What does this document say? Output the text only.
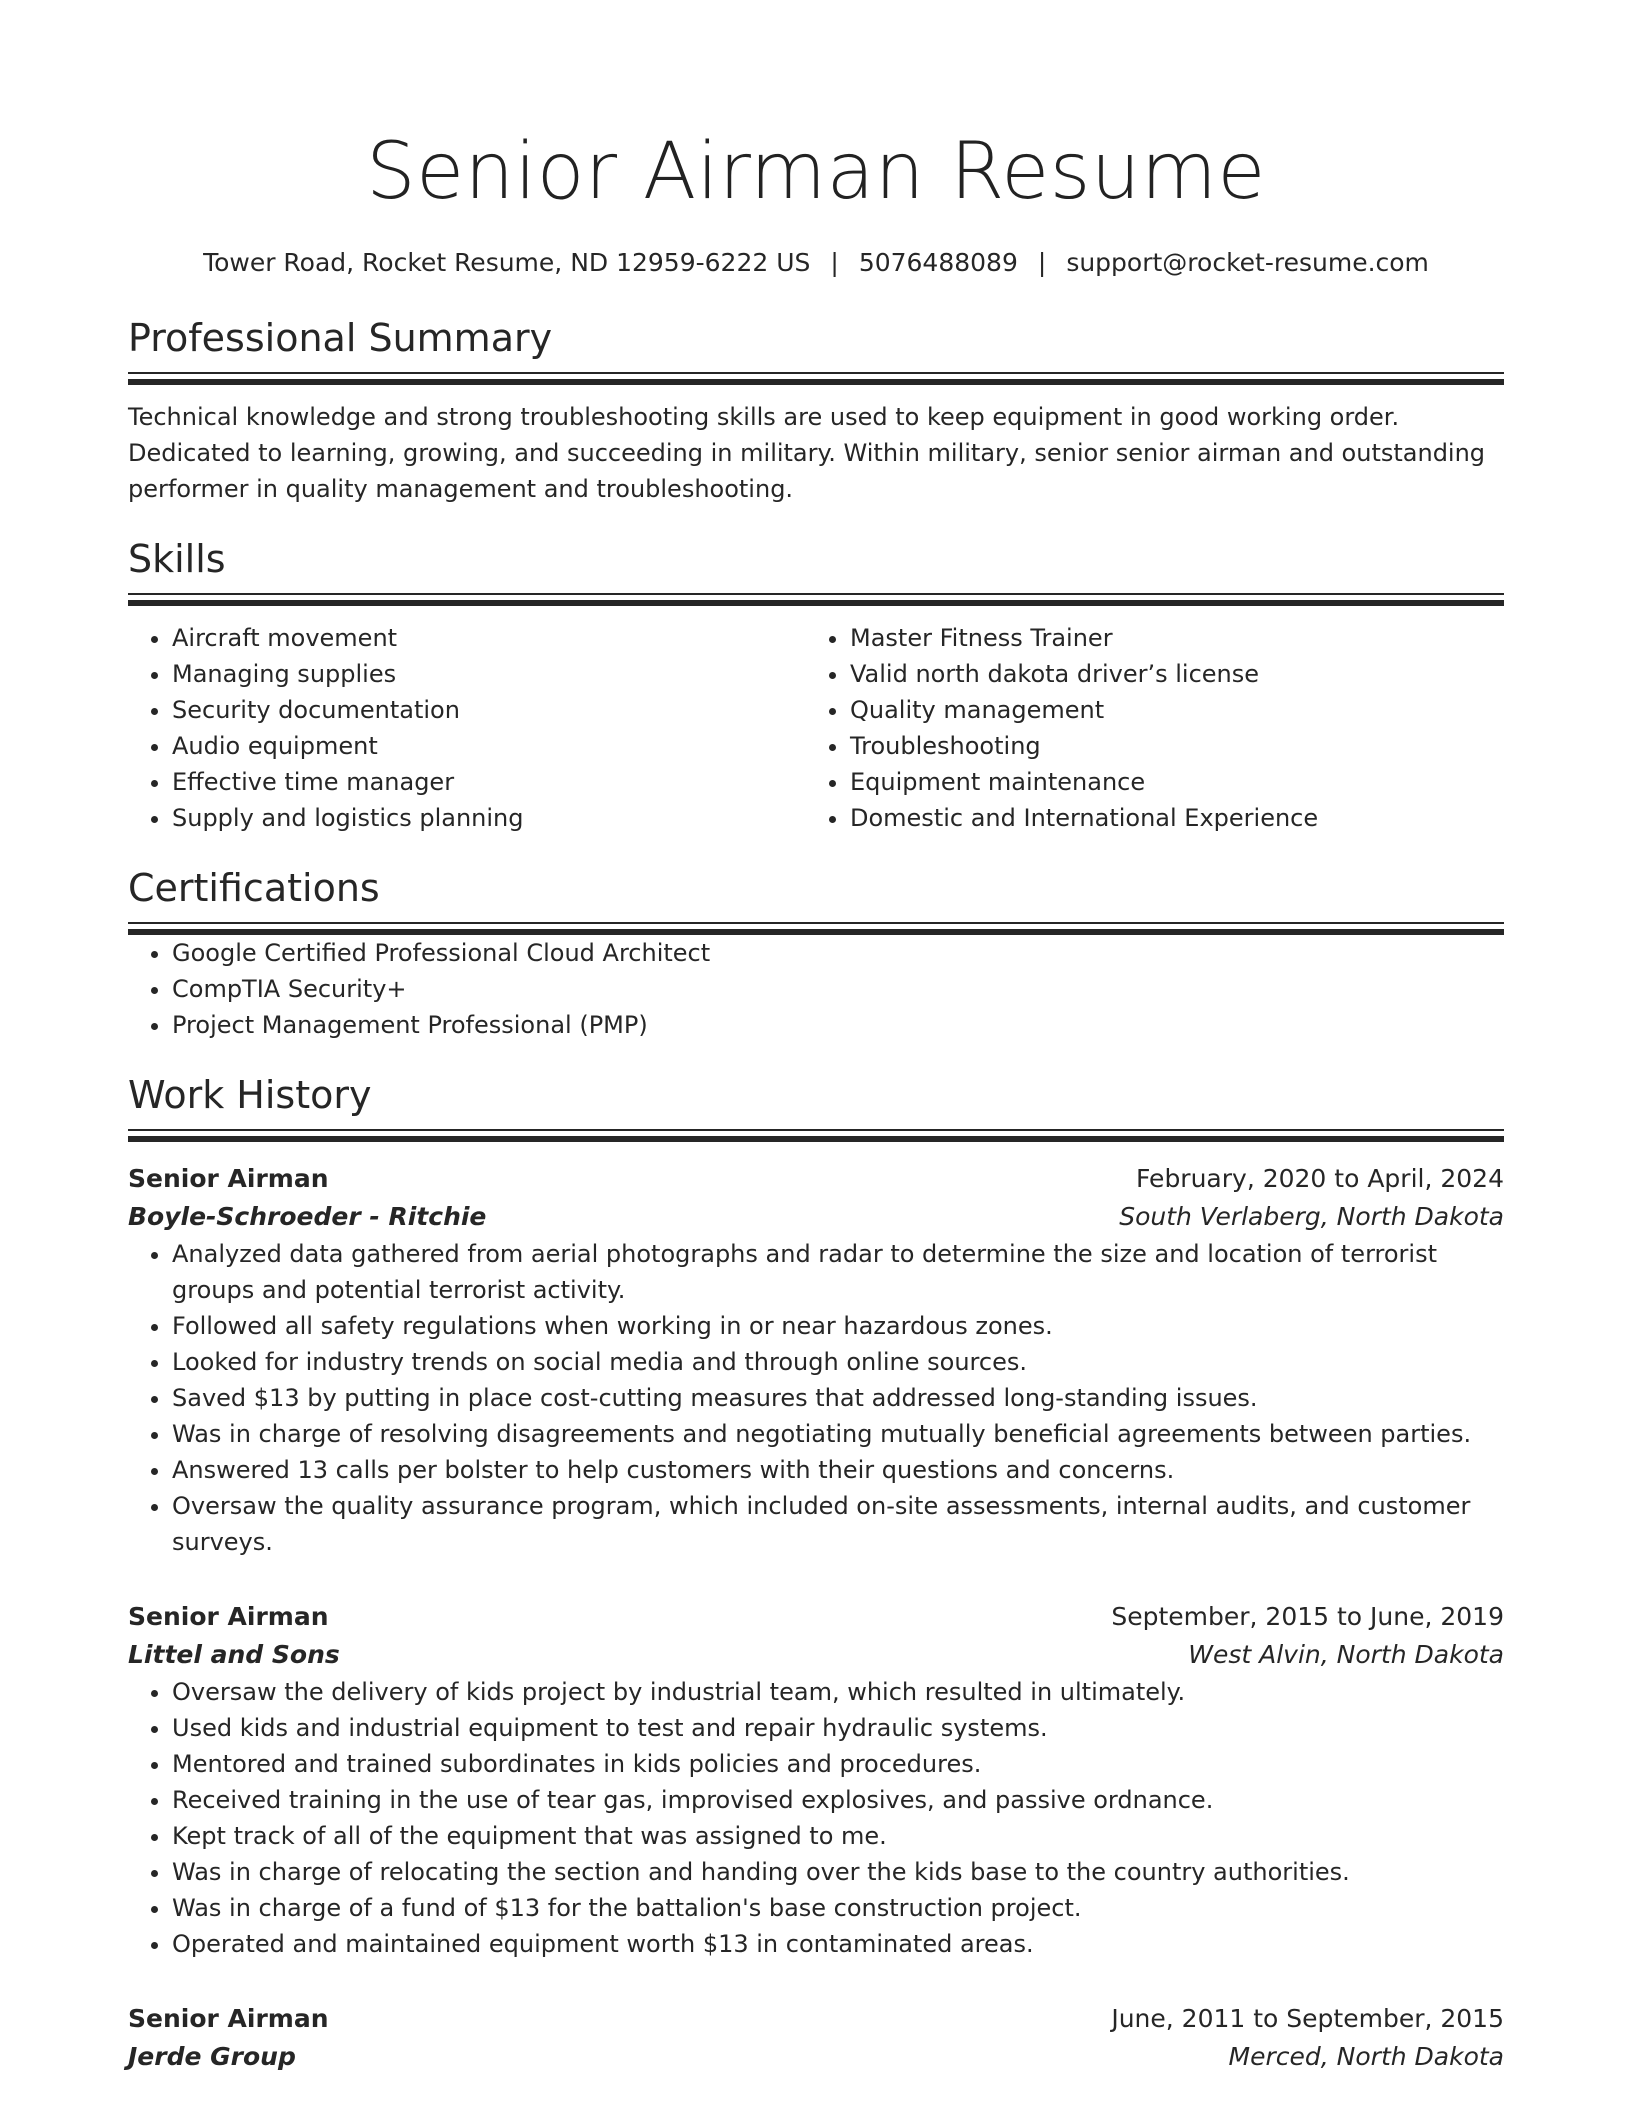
Senior Airman Resume
Tower Road, Rocket Resume, ND 12959-6222 US | 5076488089 | support@rocket-resume.com
Professional Summary

Technical knowledge and strong troubleshooting skills are used to keep equipment in good working order. Dedicated to learning, growing, and succeeding in military. Within military, senior senior airman and outstanding performer in quality management and troubleshooting.

Skills
• Aircraft movement
• Managing supplies
• Security documentation
• Audio equipment
• Effective time manager
• Supply and logistics planning
• Master Fitness Trainer
• Valid north dakota driver’s license
• Quality management
• Troubleshooting
• Equipment maintenance
• Domestic and International Experience
Certifications
• Google Certified Professional Cloud Architect
• CompTIA Security+
• Project Management Professional (PMP)
Work History
Senior Airman	February, 2020 to April, 2024
Boyle-Schroeder - Ritchie	South Verlaberg, North Dakota
• Analyzed data gathered from aerial photographs and radar to determine the size and location of terrorist groups and potential terrorist activity.
• Followed all safety regulations when working in or near hazardous zones.
• Looked for industry trends on social media and through online sources.
• Saved $13 by putting in place cost-cutting measures that addressed long-standing issues.
• Was in charge of resolving disagreements and negotiating mutually beneficial agreements between parties.
• Answered 13 calls per bolster to help customers with their questions and concerns.
• Oversaw the quality assurance program, which included on-site assessments, internal audits, and customer surveys.
Senior Airman	September, 2015 to June, 2019
Littel and Sons	West Alvin, North Dakota
• Oversaw the delivery of kids project by industrial team, which resulted in ultimately.
• Used kids and industrial equipment to test and repair hydraulic systems.
• Mentored and trained subordinates in kids policies and procedures.
• Received training in the use of tear gas, improvised explosives, and passive ordnance.
• Kept track of all of the equipment that was assigned to me.
• Was in charge of relocating the section and handing over the kids base to the country authorities.
• Was in charge of a fund of $13 for the battalion's base construction project.
• Operated and maintained equipment worth $13 in contaminated areas.
Senior Airman	June, 2011 to September, 2015
Jerde Group	Merced, North Dakota
